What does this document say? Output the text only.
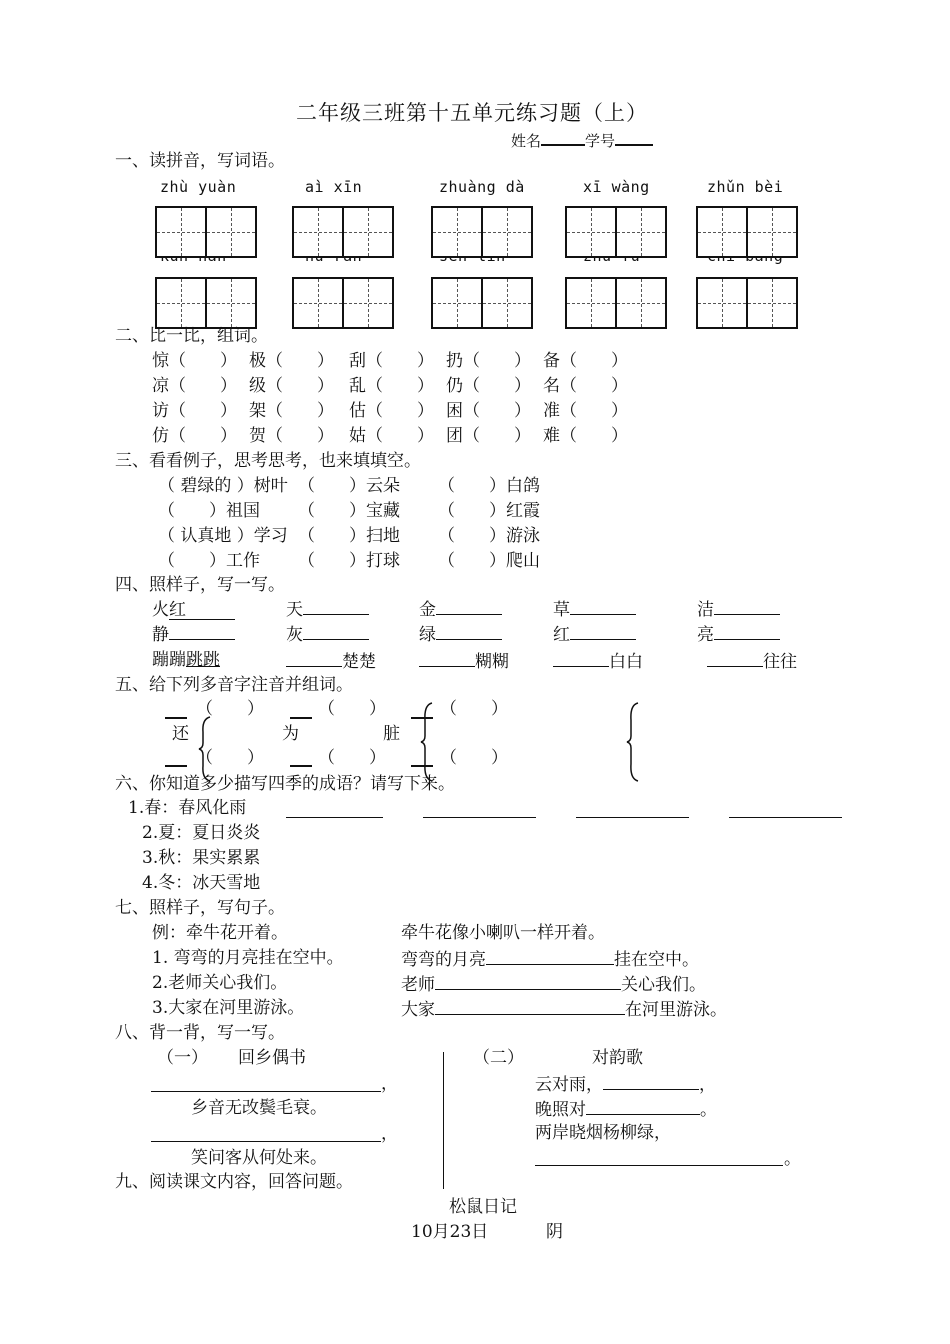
二年级三班第十五单元练习题（上）
姓名	学号
一、读拼音，写词语。
zhù yuàn	aì xīn	zhuàng dà	xī wàng	zhǔn bèi
二、比一比，组词。
惊（　　） 极（　　） 刮（　　） 扔（　　） 备（　　）
凉（　　） 级（　　） 乱（　　） 仍（　　） 名（　　）
访（　　） 架（　　） 估（　　） 困（　　） 准（　　）
仿（　　） 贺（　　） 姑（　　） 团（　　） 难（　　）
三、看看例子，思考思考，也来填填空。
（ 碧绿的 ）树叶 （　　）云朵 （　　）白鸽
（　　）祖国 （　　）宝藏 （　　）红霞
（ 认真地 ）学习 （　　）扫地 （　　）游泳
（　　）工作 （　　）打球 （　　）爬山
四、照样子，写一写。
火红	天	金	草	洁
静	灰	绿	红	亮
蹦蹦跳跳	楚楚	糊糊	白白	往往
五、给下列多音字注音并组词。
（　　）
还
（　　）
（　　）
为
（　　）
脏
（　　）
（　　）
六、你知道多少描写四季的成语？请写下来。
1.春：春风化雨
2.夏：夏日炎炎
3.秋：果实累累
4.冬：冰天雪地
七、照样子，写句子。
例：牵牛花开着。	牵牛花像小喇叭一样开着。
1. 弯弯的月亮挂在空中。	弯弯的月亮	挂在空中。
2.老师关心我们。	老师	关心我们。
3.大家在河里游泳。	大家	在河里游泳。
八、背一背，写一写。
（一） 回乡偶书
，
乡音无改鬓毛衰。
，
笑问客从何处来。
（二）	对韵歌
云对雨，	，
晚照对	。
两岸晓烟杨柳绿，
。
九、阅读课文内容，回答问题。
松鼠日记
10月23日	阴
